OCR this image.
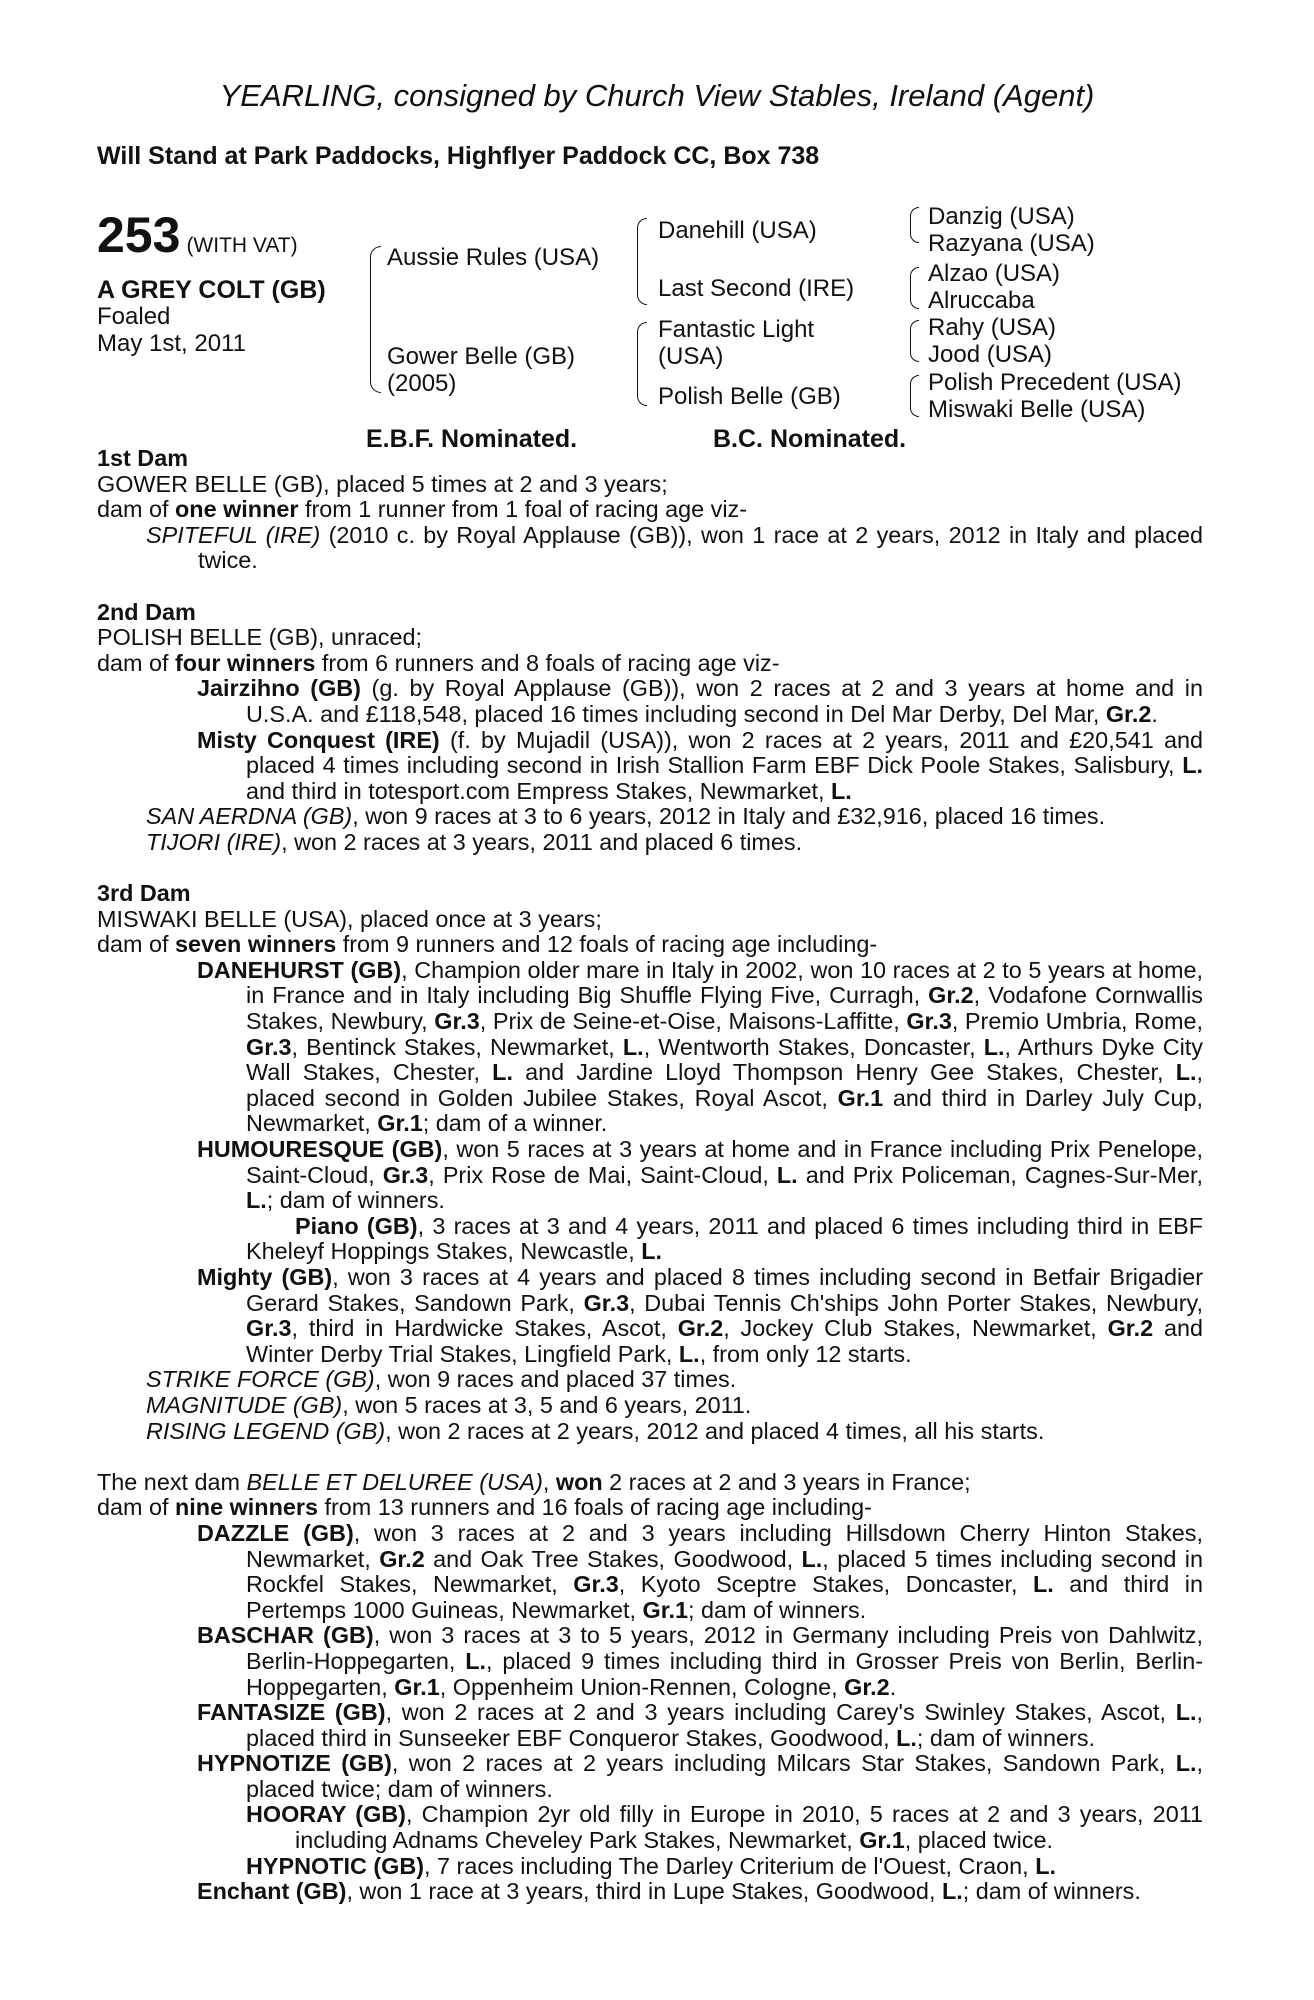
YEARLING, consigned by Church View Stables, Ireland (Agent)
Will Stand at Park Paddocks, Highflyer Paddock CC, Box 738
253 (WITH VAT)
A GREY COLT (GB)
Foaled
May 1st, 2011
Aussie Rules (USA)
Gower Belle (GB)
(2005)
Danehill (USA)
Last Second (IRE)
Fantastic Light
(USA)
Polish Belle (GB)
Danzig (USA)
Razyana (USA)
Alzao (USA)
Alruccaba
Rahy (USA)
Jood (USA)
Polish Precedent (USA)
Miswaki Belle (USA)
E.B.F. Nominated.	B.C. Nominated.

1st Dam

GOWER BELLE (GB), placed 5 times at 2 and 3 years;

dam of one winner from 1 runner from 1 foal of racing age viz-

SPITEFUL (IRE) (2010 c. by Royal Applause (GB)), won 1 race at 2 years, 2012 in Italy and placed twice.

2nd Dam

POLISH BELLE (GB), unraced;

dam of four winners from 6 runners and 8 foals of racing age viz-

Jairzihno (GB) (g. by Royal Applause (GB)), won 2 races at 2 and 3 years at home and in U.S.A. and £118,548, placed 16 times including second in Del Mar Derby, Del Mar, Gr.2.

Misty Conquest (IRE) (f. by Mujadil (USA)), won 2 races at 2 years, 2011 and £20,541 and placed 4 times including second in Irish Stallion Farm EBF Dick Poole Stakes, Salisbury, L. and third in totesport.com Empress Stakes, Newmarket, L.

SAN AERDNA (GB), won 9 races at 3 to 6 years, 2012 in Italy and £32,916, placed 16 times.

TIJORI (IRE), won 2 races at 3 years, 2011 and placed 6 times.

3rd Dam

MISWAKI BELLE (USA), placed once at 3 years;

dam of seven winners from 9 runners and 12 foals of racing age including-

DANEHURST (GB), Champion older mare in Italy in 2002, won 10 races at 2 to 5 years at home, in France and in Italy including Big Shuffle Flying Five, Curragh, Gr.2, Vodafone Cornwallis Stakes, Newbury, Gr.3, Prix de Seine-et-Oise, Maisons-Laffitte, Gr.3, Premio Umbria, Rome, Gr.3, Bentinck Stakes, Newmarket, L., Wentworth Stakes, Doncaster, L., Arthurs Dyke City Wall Stakes, Chester, L. and Jardine Lloyd Thompson Henry Gee Stakes, Chester, L., placed second in Golden Jubilee Stakes, Royal Ascot, Gr.1 and third in Darley July Cup, Newmarket, Gr.1; dam of a winner.

HUMOURESQUE (GB), won 5 races at 3 years at home and in France including Prix Penelope, Saint-Cloud, Gr.3, Prix Rose de Mai, Saint-Cloud, L. and Prix Policeman, Cagnes-Sur-Mer, L.; dam of winners.

Piano (GB), 3 races at 3 and 4 years, 2011 and placed 6 times including third in EBF Kheleyf Hoppings Stakes, Newcastle, L.

Mighty (GB), won 3 races at 4 years and placed 8 times including second in Betfair Brigadier Gerard Stakes, Sandown Park, Gr.3, Dubai Tennis Ch'ships John Porter Stakes, Newbury, Gr.3, third in Hardwicke Stakes, Ascot, Gr.2, Jockey Club Stakes, Newmarket, Gr.2 and Winter Derby Trial Stakes, Lingfield Park, L., from only 12 starts.

STRIKE FORCE (GB), won 9 races and placed 37 times.

MAGNITUDE (GB), won 5 races at 3, 5 and 6 years, 2011.

RISING LEGEND (GB), won 2 races at 2 years, 2012 and placed 4 times, all his starts.

The next dam BELLE ET DELUREE (USA), won 2 races at 2 and 3 years in France;

dam of nine winners from 13 runners and 16 foals of racing age including-

DAZZLE (GB), won 3 races at 2 and 3 years including Hillsdown Cherry Hinton Stakes, Newmarket, Gr.2 and Oak Tree Stakes, Goodwood, L., placed 5 times including second in Rockfel Stakes, Newmarket, Gr.3, Kyoto Sceptre Stakes, Doncaster, L. and third in Pertemps 1000 Guineas, Newmarket, Gr.1; dam of winners.

BASCHAR (GB), won 3 races at 3 to 5 years, 2012 in Germany including Preis von Dahlwitz, Berlin-Hoppegarten, L., placed 9 times including third in Grosser Preis von Berlin, Berlin-Hoppegarten, Gr.1, Oppenheim Union-Rennen, Cologne, Gr.2.

FANTASIZE (GB), won 2 races at 2 and 3 years including Carey's Swinley Stakes, Ascot, L., placed third in Sunseeker EBF Conqueror Stakes, Goodwood, L.; dam of winners.

HYPNOTIZE (GB), won 2 races at 2 years including Milcars Star Stakes, Sandown Park, L., placed twice; dam of winners.

HOORAY (GB), Champion 2yr old filly in Europe in 2010, 5 races at 2 and 3 years, 2011 including Adnams Cheveley Park Stakes, Newmarket, Gr.1, placed twice.

HYPNOTIC (GB), 7 races including The Darley Criterium de l'Ouest, Craon, L.

Enchant (GB), won 1 race at 3 years, third in Lupe Stakes, Goodwood, L.; dam of winners.
